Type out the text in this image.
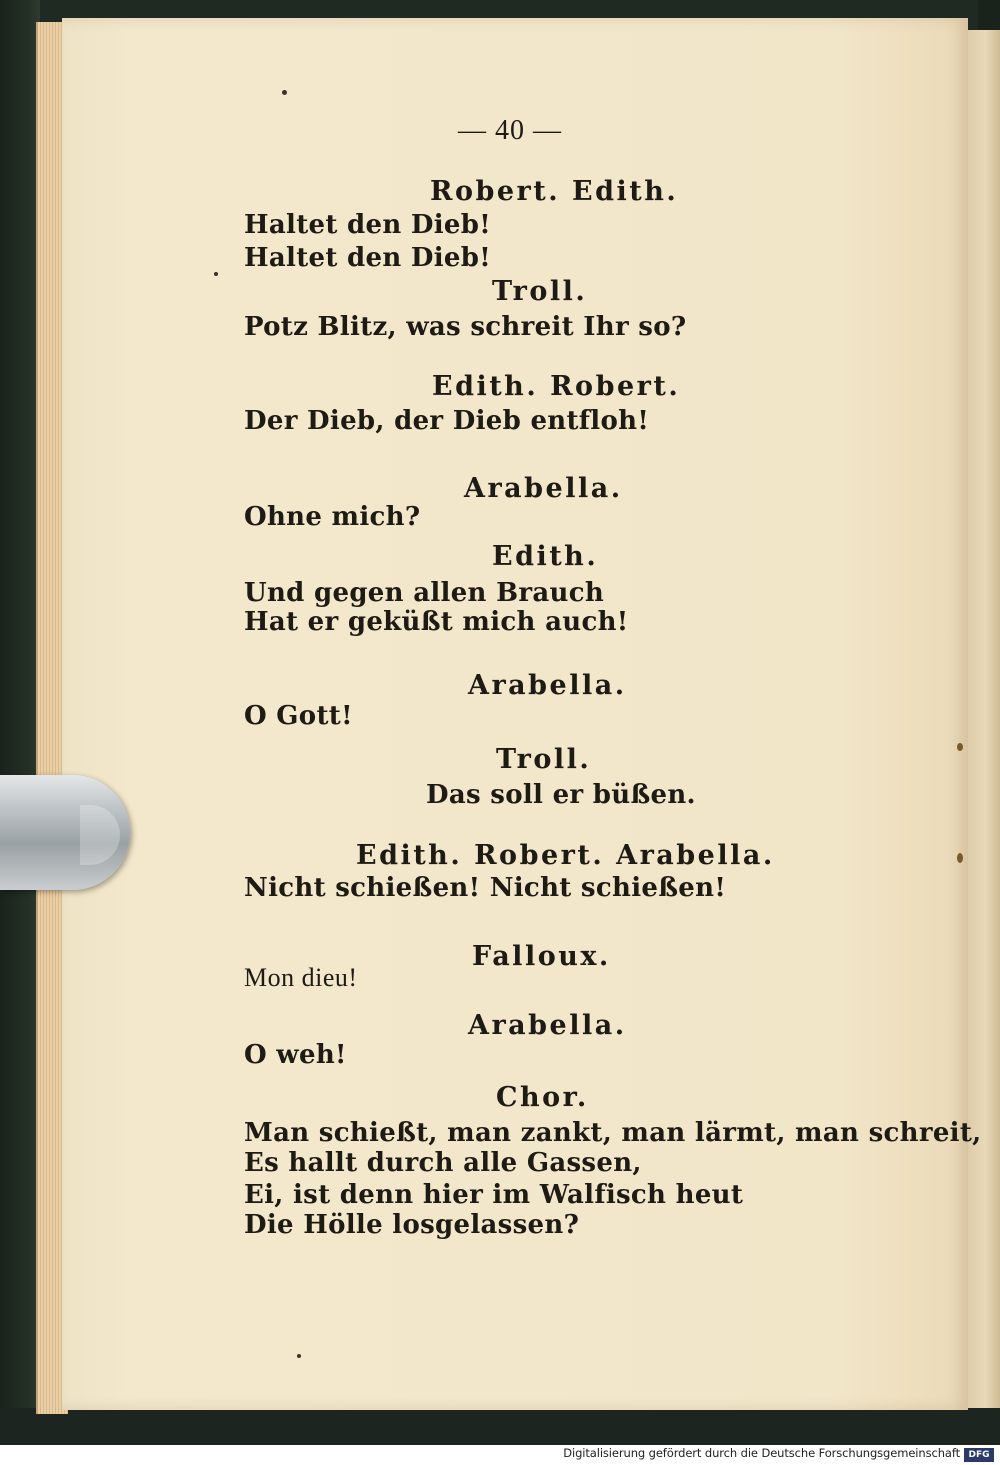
— 40 —

Robert. Edith.

Haltet den Dieb!

Haltet den Dieb!

Troll.

Potz Blitz, was schreit Ihr so?

Edith. Robert.

Der Dieb, der Dieb entfloh!

Arabella.

Ohne mich?

Edith.

Und gegen allen Brauch

Hat er geküßt mich auch!

Arabella.

O Gott!

Troll.

Das soll er büßen.

Edith. Robert. Arabella.

Nicht schießen! Nicht schießen!

Fallouх.

Mon dieu!

Arabella.

O weh!

Chor.

Man schießt, man zankt, man lärmt, man schreit,

Es hallt durch alle Gassen,

Ei, ist denn hier im Walfisch heut

Die Hölle losgelassen?

Digitalisierung gefördert durch die Deutsche Forschungsgemeinschaft DFG
